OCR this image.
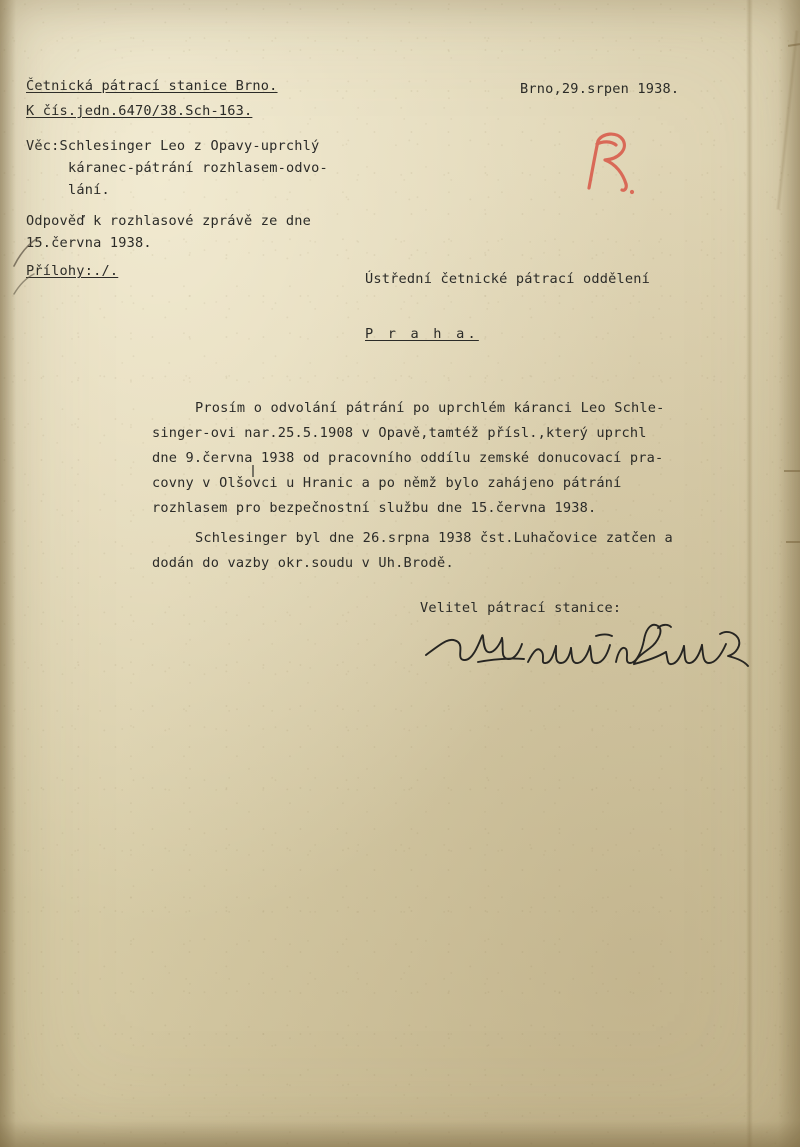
Četnická pátrací stanice Brno.
K čís.jedn.6470/38.Sch-163.
Brno,29.srpen 1938.
Věc:Schlesinger Leo z Opavy-uprchlý
káranec-pátrání rozhlasem-odvo-
lání.
Odpověď k rozhlasové zprávě ze dne
15.června 1938.
Přílohy:./.	Ústřední četnické pátrací oddělení
P r a h a.
Prosím o odvolání pátrání po uprchlém káranci Leo Schle-
singer-ovi nar.25.5.1908 v Opavě,tamtéž přísl.,který uprchl
dne 9.června 1938 od pracovního oddílu zemské donucovací pra-
covny v Olšovci u Hranic a po němž bylo zahájeno pátrání
rozhlasem pro bezpečnostní službu dne 15.června 1938.
Schlesinger byl dne 26.srpna 1938 čst.Luhačovice zatčen a
dodán do vazby okr.soudu v Uh.Brodě.
Velitel pátrací stanice:
